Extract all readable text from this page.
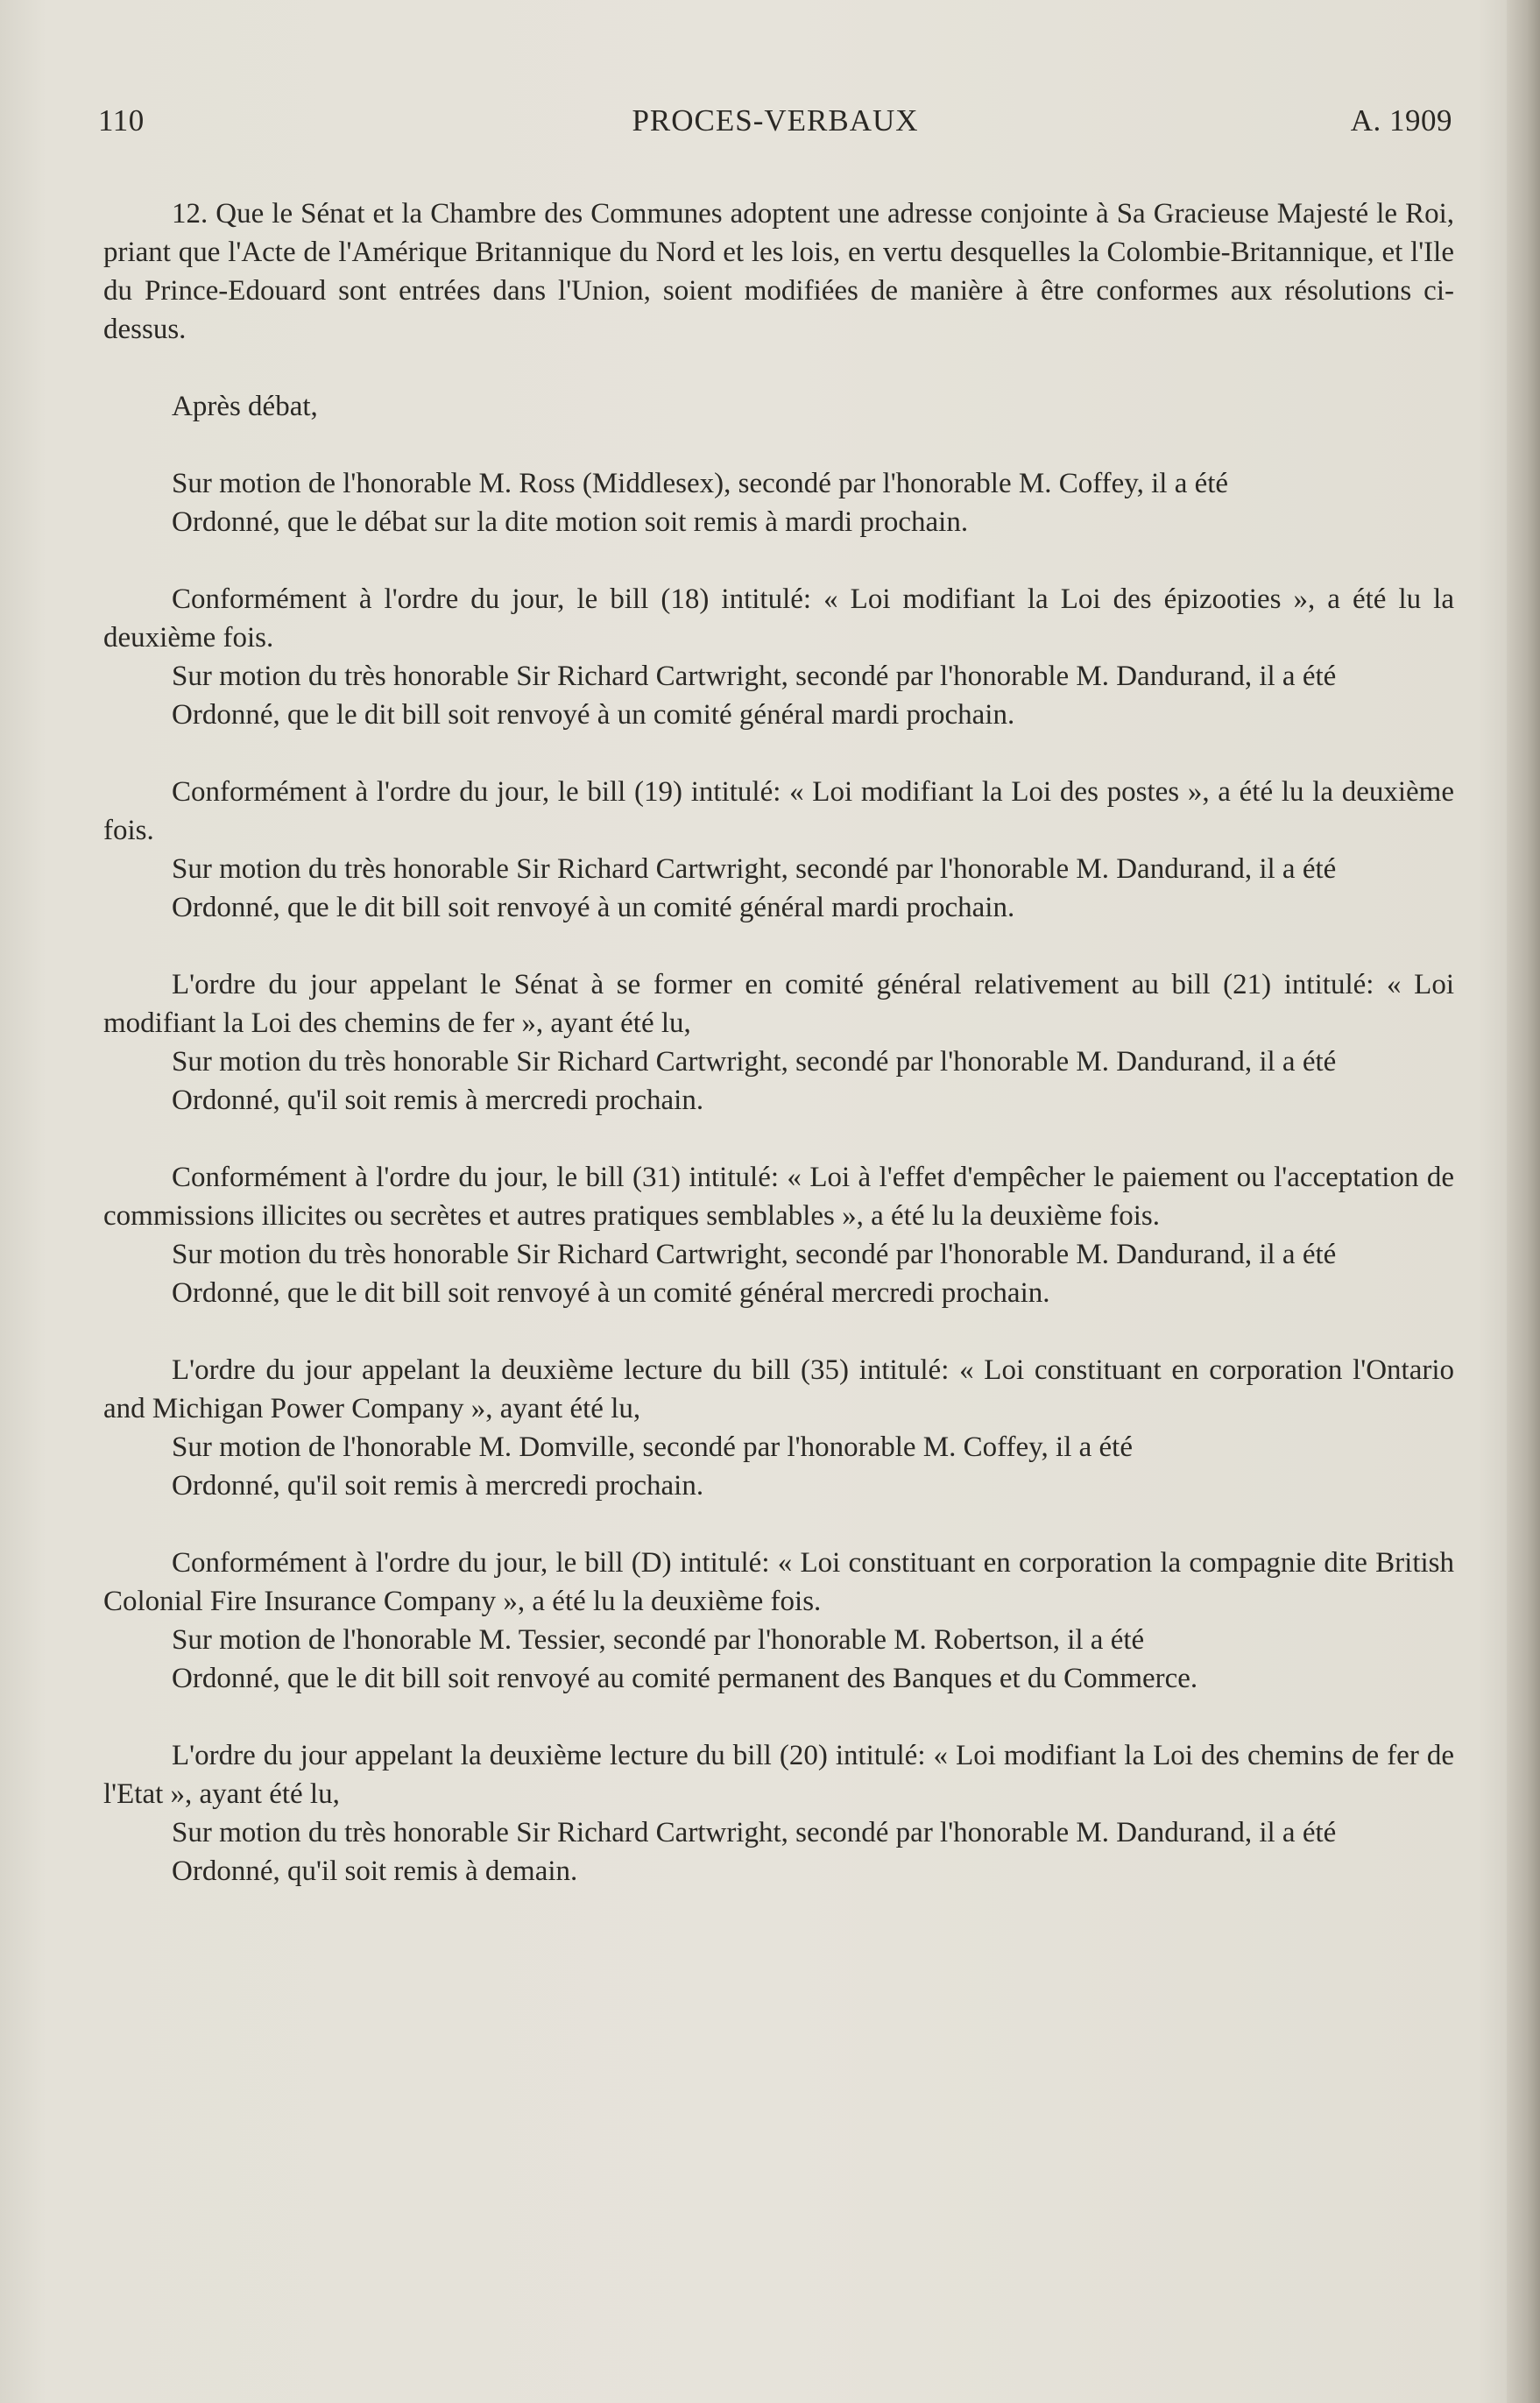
110	PROCES-VERBAUX	A. 1909

12. Que le Sénat et la Chambre des Communes adoptent une adresse conjointe à Sa Gracieuse Majesté le Roi, priant que l'Acte de l'Amérique Britannique du Nord et les lois, en vertu desquelles la Colombie-Britannique, et l'Ile du Prince-Edouard sont entrées dans l'Union, soient modifiées de manière à être conformes aux résolutions ci-dessus.

Après débat,

Sur motion de l'honorable M. Ross (Middlesex), secondé par l'honorable M. Coffey, il a été

Ordonné, que le débat sur la dite motion soit remis à mardi prochain.

Conformément à l'ordre du jour, le bill (18) intitulé: « Loi modifiant la Loi des épizooties », a été lu la deuxième fois.

Sur motion du très honorable Sir Richard Cartwright, secondé par l'honorable M. Dandurand, il a été

Ordonné, que le dit bill soit renvoyé à un comité général mardi prochain.

Conformément à l'ordre du jour, le bill (19) intitulé: « Loi modifiant la Loi des postes », a été lu la deuxième fois.

Sur motion du très honorable Sir Richard Cartwright, secondé par l'honorable M. Dandurand, il a été

Ordonné, que le dit bill soit renvoyé à un comité général mardi prochain.

L'ordre du jour appelant le Sénat à se former en comité général relativement au bill (21) intitulé: « Loi modifiant la Loi des chemins de fer », ayant été lu,

Sur motion du très honorable Sir Richard Cartwright, secondé par l'honorable M. Dandurand, il a été

Ordonné, qu'il soit remis à mercredi prochain.

Conformément à l'ordre du jour, le bill (31) intitulé: « Loi à l'effet d'empêcher le paiement ou l'acceptation de commissions illicites ou secrètes et autres pratiques semblables », a été lu la deuxième fois.

Sur motion du très honorable Sir Richard Cartwright, secondé par l'honorable M. Dandurand, il a été

Ordonné, que le dit bill soit renvoyé à un comité général mercredi prochain.

L'ordre du jour appelant la deuxième lecture du bill (35) intitulé: « Loi constituant en corporation l'Ontario and Michigan Power Company », ayant été lu,

Sur motion de l'honorable M. Domville, secondé par l'honorable M. Coffey, il a été

Ordonné, qu'il soit remis à mercredi prochain.

Conformément à l'ordre du jour, le bill (D) intitulé: « Loi constituant en corporation la compagnie dite British Colonial Fire Insurance Company », a été lu la deuxième fois.

Sur motion de l'honorable M. Tessier, secondé par l'honorable M. Robertson, il a été

Ordonné, que le dit bill soit renvoyé au comité permanent des Banques et du Commerce.

L'ordre du jour appelant la deuxième lecture du bill (20) intitulé: « Loi modifiant la Loi des chemins de fer de l'Etat », ayant été lu,

Sur motion du très honorable Sir Richard Cartwright, secondé par l'honorable M. Dandurand, il a été

Ordonné, qu'il soit remis à demain.
